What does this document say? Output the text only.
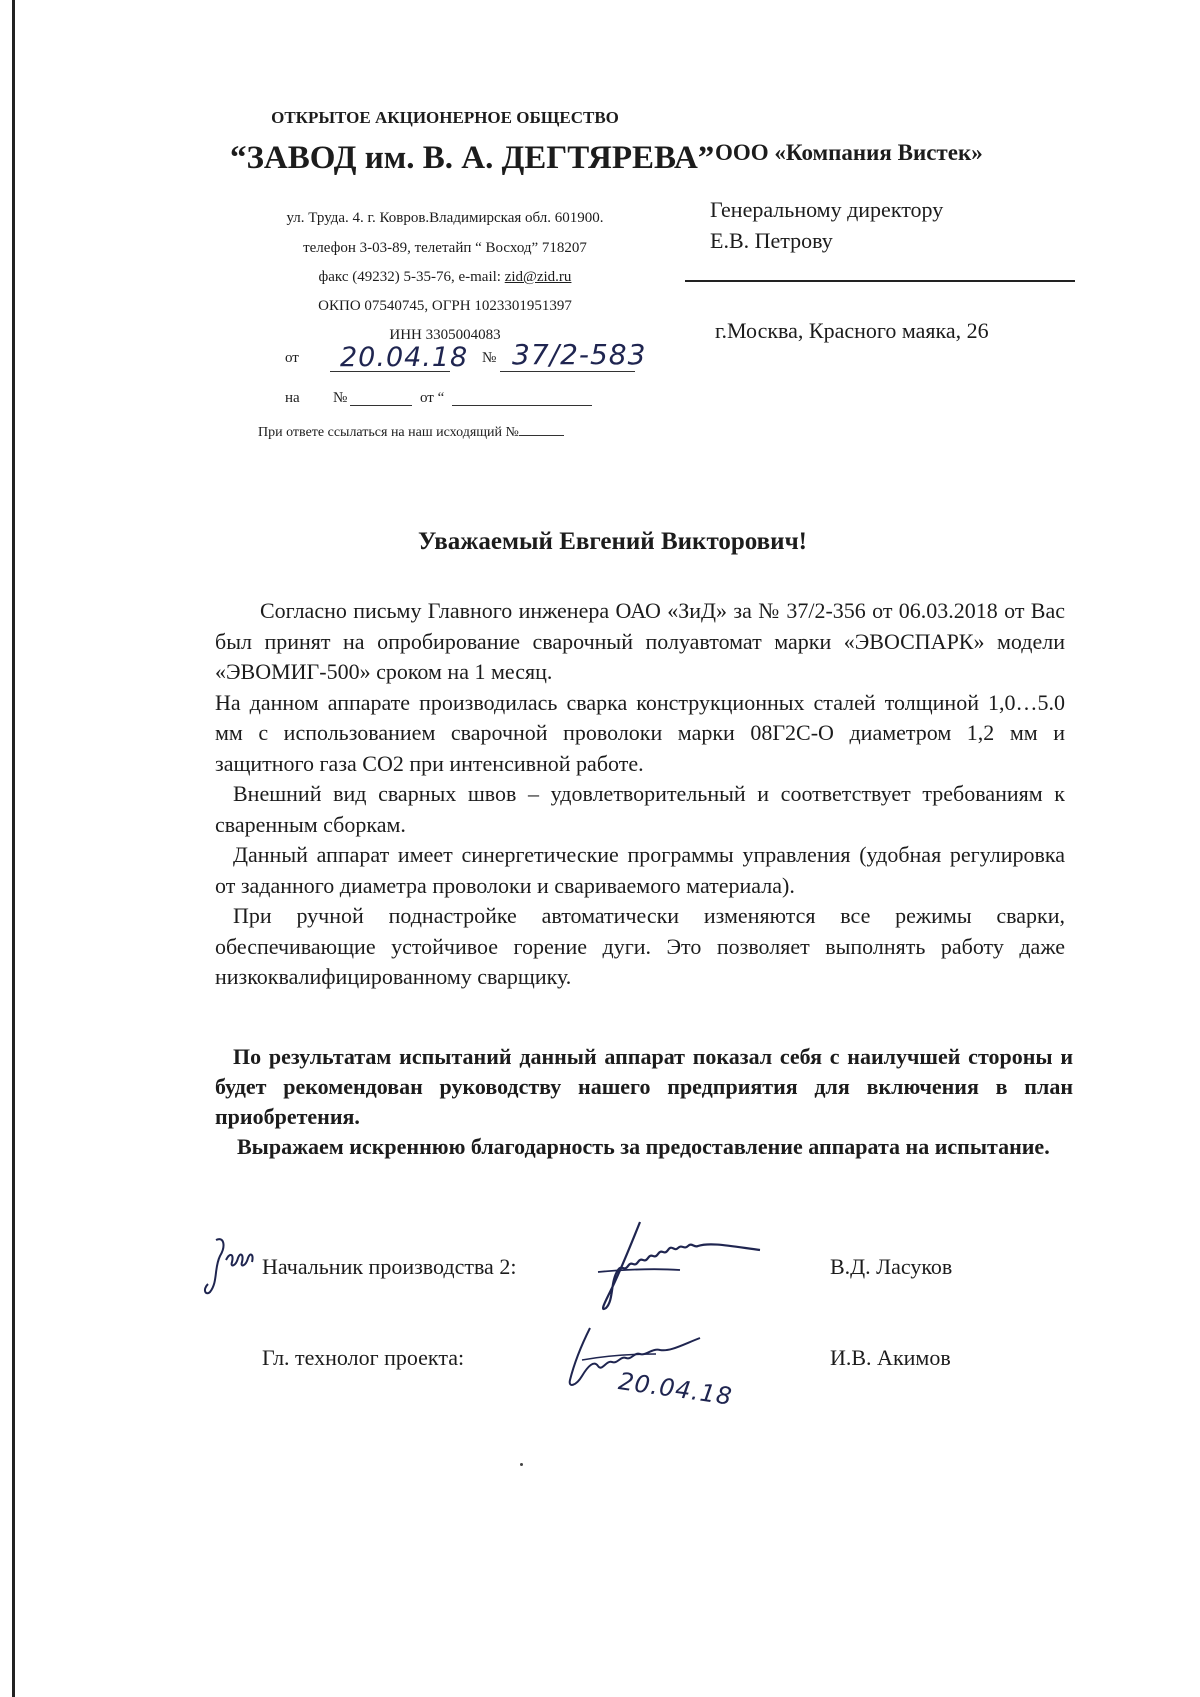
ОТКРЫТОЕ АКЦИОНЕРНОЕ ОБЩЕСТВО
“ЗАВОД им. В. А. ДЕГТЯРЕВА”
ул. Труда. 4. г. Ковров.Владимирская обл. 601900.
телефон 3-03-89, телетайп “ Восход” 718207
факс (49232) 5-35-76, e-mail: zid@zid.ru
ОКПО 07540745, ОГРН 1023301951397
ИНН 3305004083
от 20.04.18 № 37/2-583
на №	от “
При ответе ссылаться на наш исходящий №
ООО «Компания Вистек»
Генеральному директору
Е.В. Петрову
г.Москва, Красного маяка, 26
Уважаемый Евгений Викторович!

Согласно письму Главного инженера ОАО «ЗиД» за № 37/2-356 от 06.03.2018 от Вас был принят на опробирование сварочный полуавтомат марки «ЭВОСПАРК» модели «ЭВОМИГ-500» сроком на 1 месяц.

На данном аппарате производилась сварка конструкционных сталей толщиной 1,0…5.0 мм с использованием сварочной проволоки марки 08Г2С-О диаметром 1,2 мм и защитного газа СО2 при интенсивной работе.

Внешний вид сварных швов – удовлетворительный и соответствует требованиям к сваренным сборкам.

Данный аппарат имеет синергетические программы управления (удобная регулировка от заданного диаметра проволоки и свариваемого материала).

При ручной поднастройке автоматически изменяются все режимы сварки, обеспечивающие устойчивое горение дуги. Это позволяет выполнять работу даже низкоквалифицированному сварщику.

По результатам испытаний данный аппарат показал себя с наилучшей стороны и будет рекомендован руководству нашего предприятия для включения в план приобретения.

Выражаем искреннюю благодарность за предоставление аппарата на испытание.

Начальник производства 2:	В.Д. Ласуков
Гл. технолог проекта:
20.04.18
И.В. Акимов
